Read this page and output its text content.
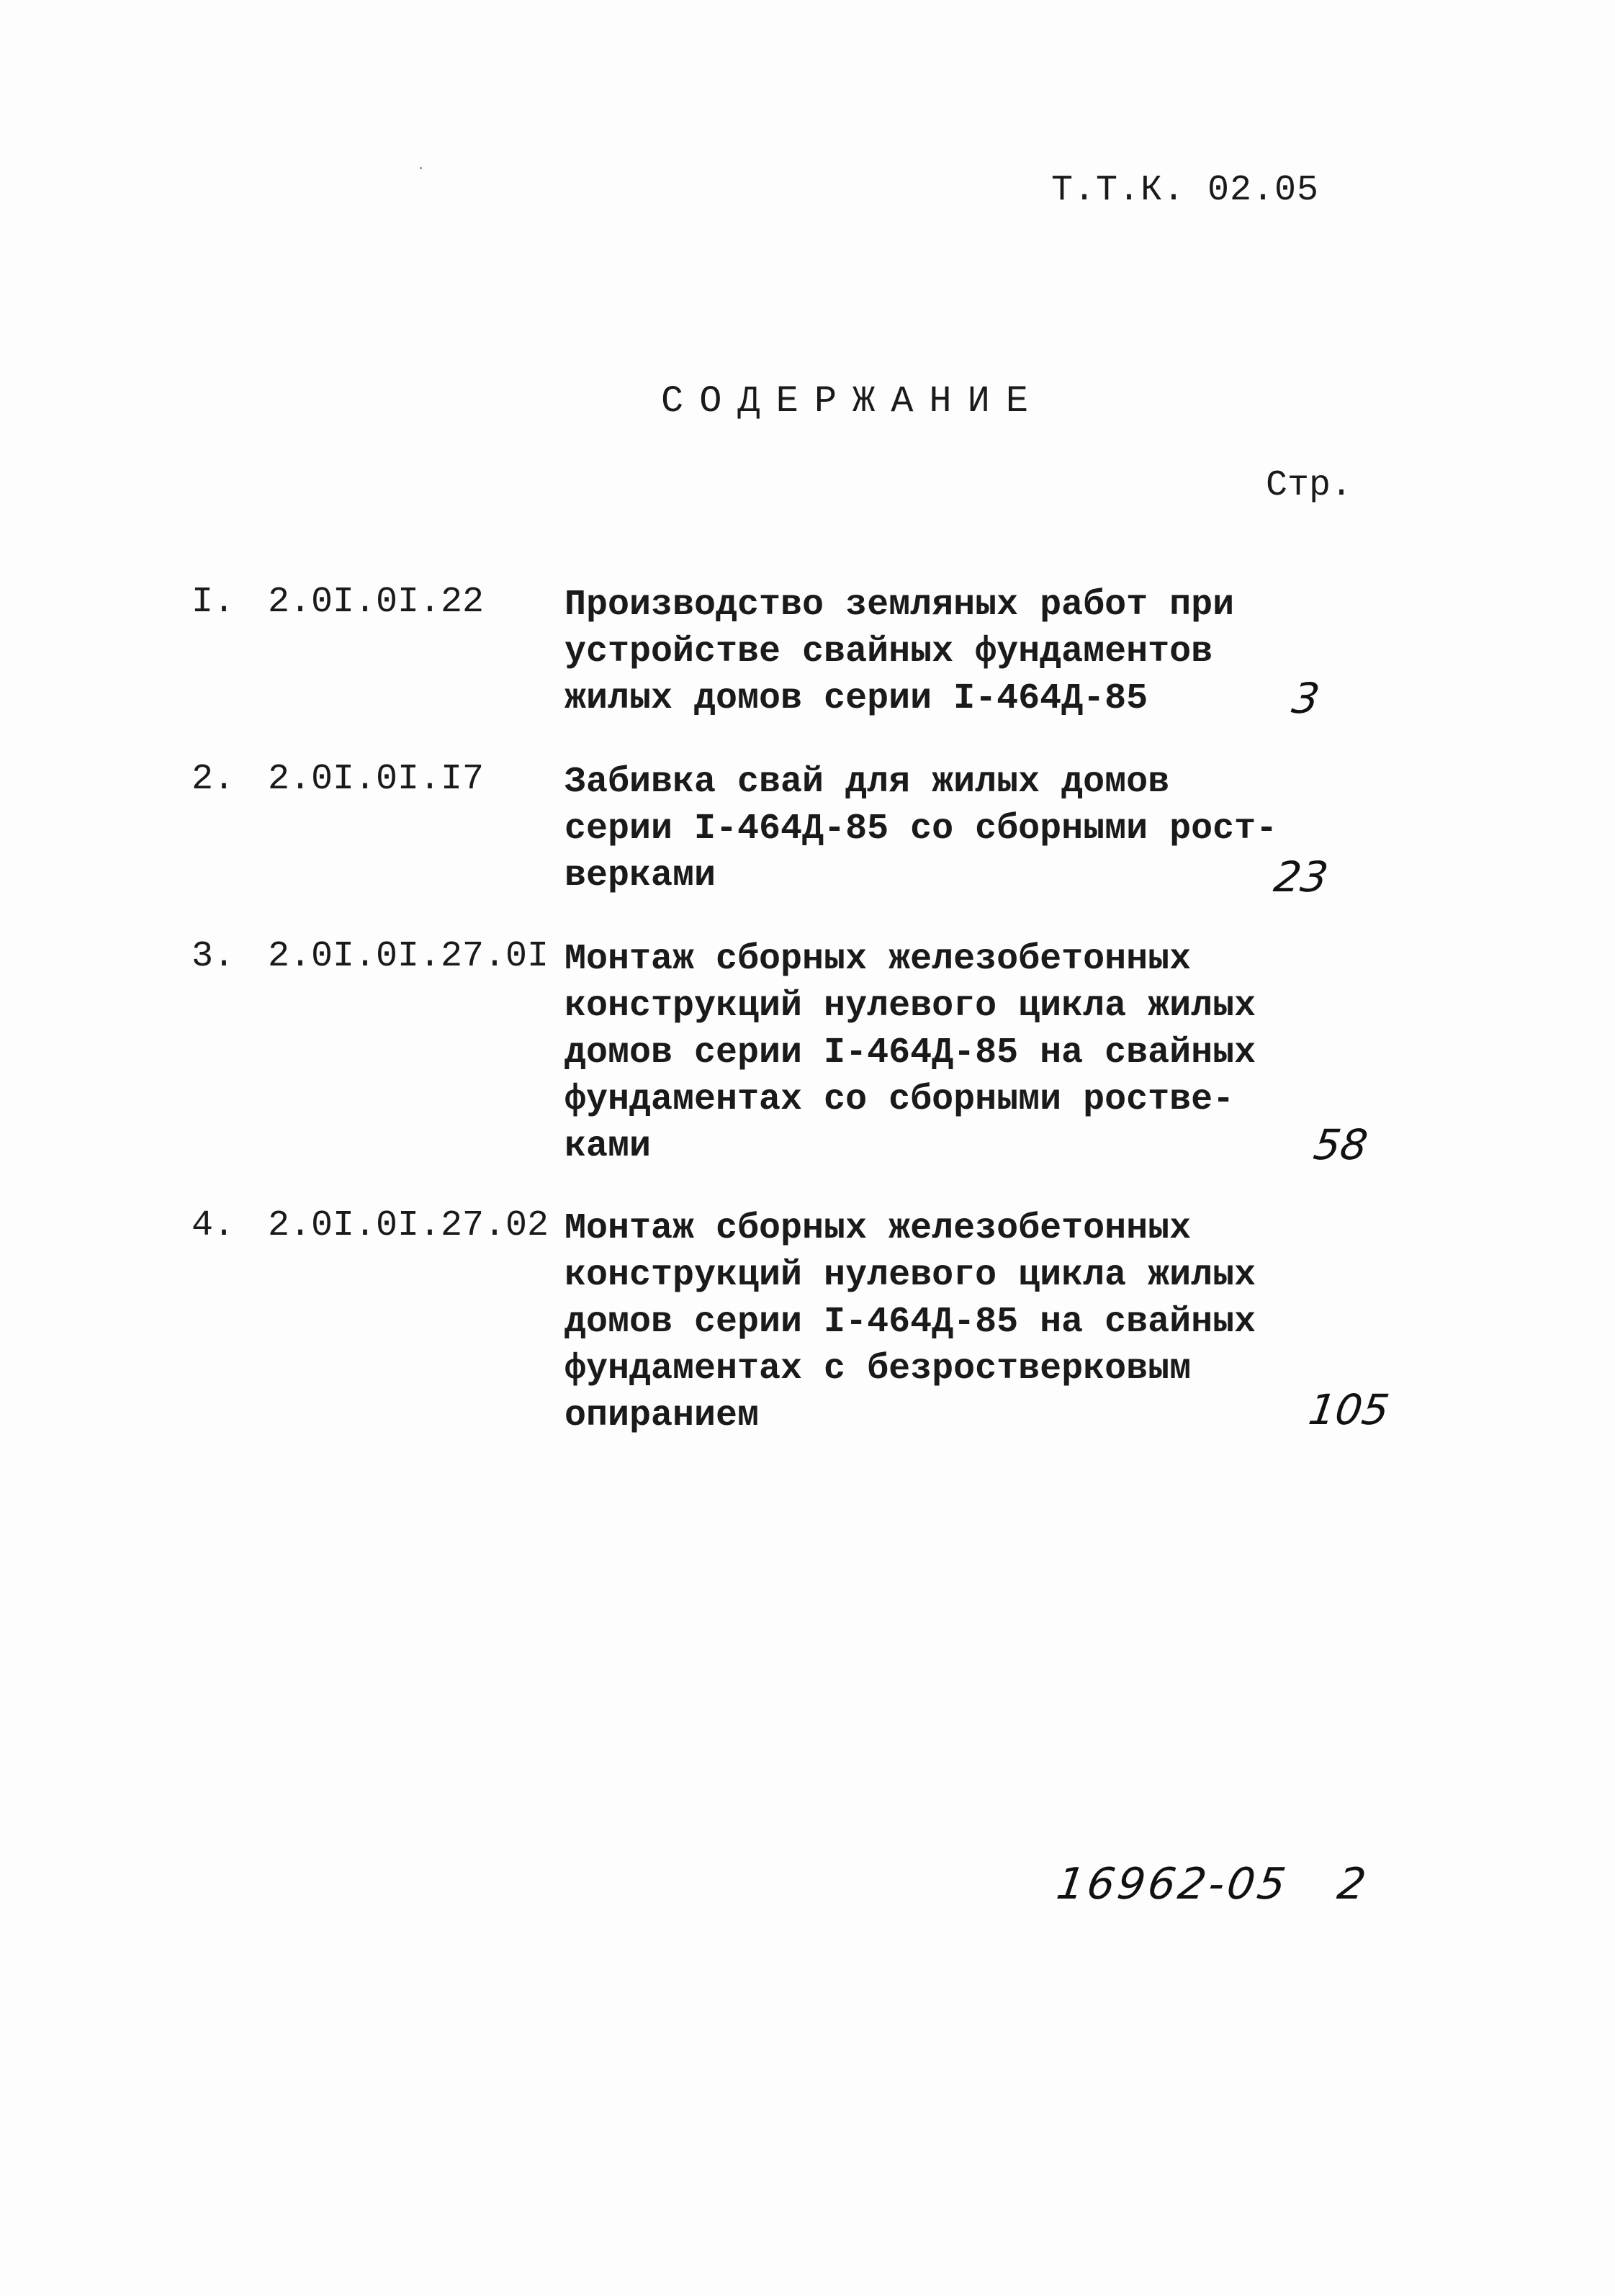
Т.Т.К. 02.05
СОДЕРЖАНИЕ
Стр.
I. 2.0I.0I.22 Производство земляных работ при
устройстве свайных фундаментов
жилых домов серии I-464Д-85	3
2. 2.0I.0I.I7 Забивка свай для жилых домов
серии I-464Д-85 со сборными рост-
верками	23
3. 2.0I.0I.27.0I Монтаж сборных железобетонных
конструкций нулевого цикла жилых
домов серии I-464Д-85 на свайных
фундаментах со сборными ростве-
ками	58
4. 2.0I.0I.27.02 Монтаж сборных железобетонных
конструкций нулевого цикла жилых
домов серии I-464Д-85 на свайных
фундаментах с безростверковым
опиранием	105
16962-05 2
